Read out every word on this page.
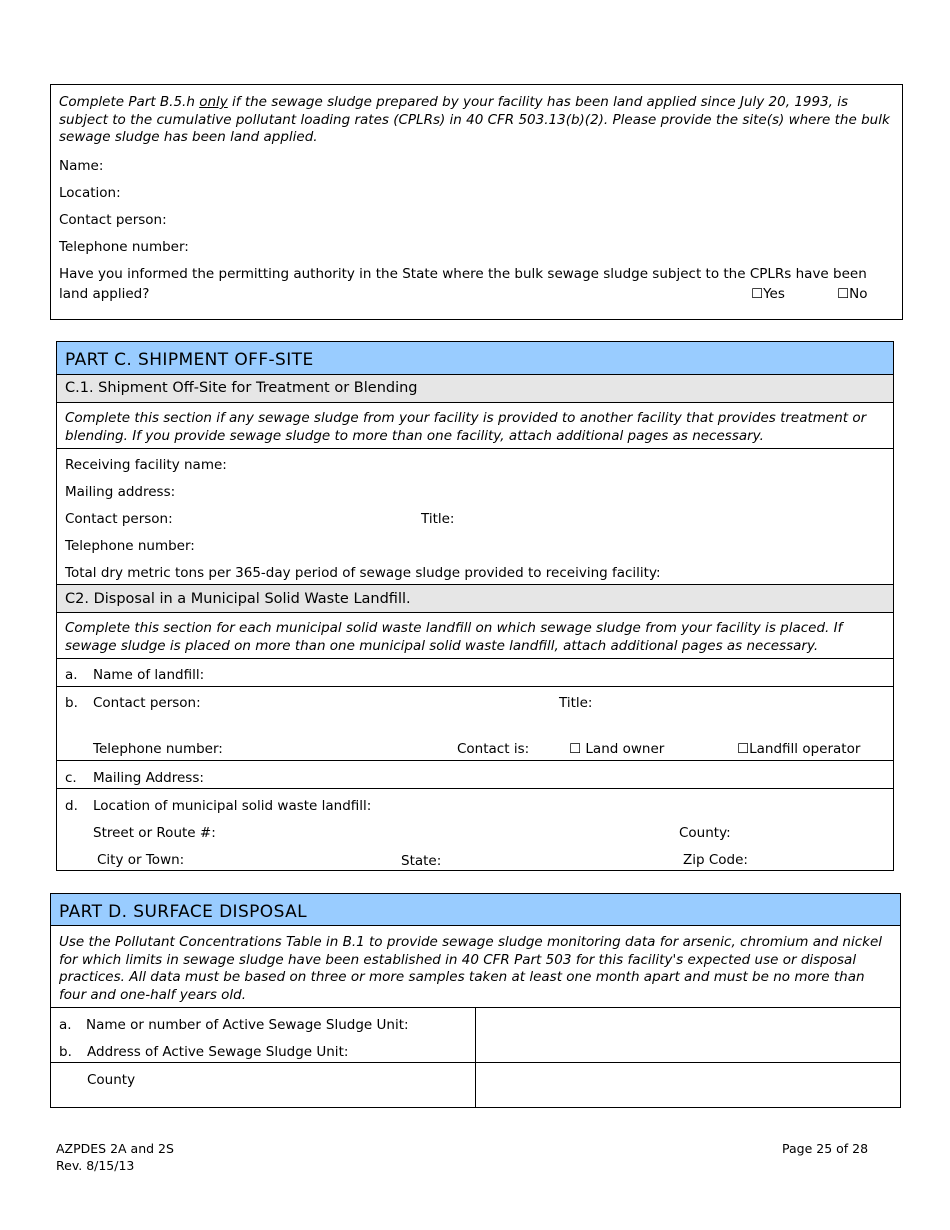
Complete Part B.5.h only if the sewage sludge prepared by your facility has been land applied since July 20, 1993, is subject to the cumulative pollutant loading rates (CPLRs) in 40 CFR 503.13(b)(2). Please provide the site(s) where the bulk sewage sludge has been land applied.
Name:
Location:
Contact person:
Telephone number:
Have you informed the permitting authority in the State where the bulk sewage sludge subject to the CPLRs have been
land applied?	☐Yes	☐No
PART C. SHIPMENT OFF-SITE
C.1. Shipment Off-Site for Treatment or Blending
Complete this section if any sewage sludge from your facility is provided to another facility that provides treatment or blending. If you provide sewage sludge to more than one facility, attach additional pages as necessary.
Receiving facility name:
Mailing address:
Contact person:	Title:
Telephone number:
Total dry metric tons per 365-day period of sewage sludge provided to receiving facility:
C2. Disposal in a Municipal Solid Waste Landfill.
Complete this section for each municipal solid waste landfill on which sewage sludge from your facility is placed. If sewage sludge is placed on more than one municipal solid waste landfill, attach additional pages as necessary.
a. Name of landfill:
b. Contact person:	Title:
Telephone number:	Contact is:	☐ Land owner	☐Landfill operator
c. Mailing Address:
d. Location of municipal solid waste landfill:
Street or Route #:	County:
City or Town:	State:	Zip Code:
PART D. SURFACE DISPOSAL
Use the Pollutant Concentrations Table in B.1 to provide sewage sludge monitoring data for arsenic, chromium and nickel for which limits in sewage sludge have been established in 40 CFR Part 503 for this facility's expected use or disposal practices. All data must be based on three or more samples taken at least one month apart and must be no more than four and one-half years old.
a. Name or number of Active Sewage Sludge Unit:
b. Address of Active Sewage Sludge Unit:
County
AZPDES 2A and 2S
Rev. 8/15/13
Page 25 of 28
